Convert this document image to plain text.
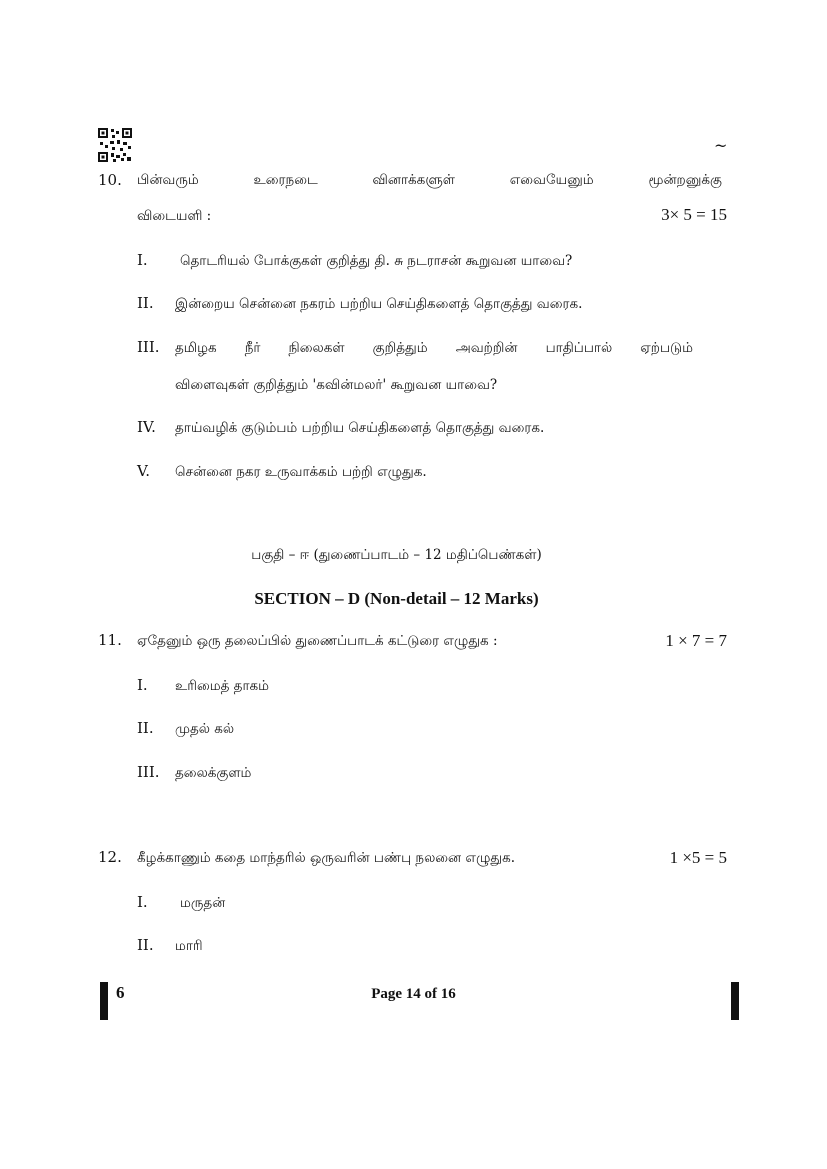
~
10. பின்வரும்	உரைநடை	வினாக்களுள்	எவையேனும்	மூன்றனுக்கு
விடையளி :	3× 5 = 15
I. தொடரியல் போக்குகள் குறித்து தி. சு நடராசன் கூறுவன யாவை?
II. இன்றைய சென்னை நகரம் பற்றிய செய்திகளைத் தொகுத்து வரைக.
III. தமிழக நீர் நிலைகள் குறித்தும் அவற்றின் பாதிப்பால் ஏற்படும்
விளைவுகள் குறித்தும் 'கவின்மலர்' கூறுவன யாவை?
IV. தாய்வழிக் குடும்பம் பற்றிய செய்திகளைத் தொகுத்து வரைக.
V. சென்னை நகர உருவாக்கம் பற்றி எழுதுக.
பகுதி – ஈ (துணைப்பாடம் – 12 மதிப்பெண்கள்)
SECTION – D (Non-detail – 12 Marks)
11. ஏதேனும் ஒரு தலைப்பில் துணைப்பாடக் கட்டுரை எழுதுக :	1 × 7 = 7
I. உரிமைத் தாகம்
II. முதல் கல்
III. தலைக்குளம்
12. கீழக்காணும் கதை மாந்தரில் ஒருவரின் பண்பு நலனை எழுதுக.	1 ×5 = 5
I. மருதன்
II. மாரி
6	Page 14 of 16
